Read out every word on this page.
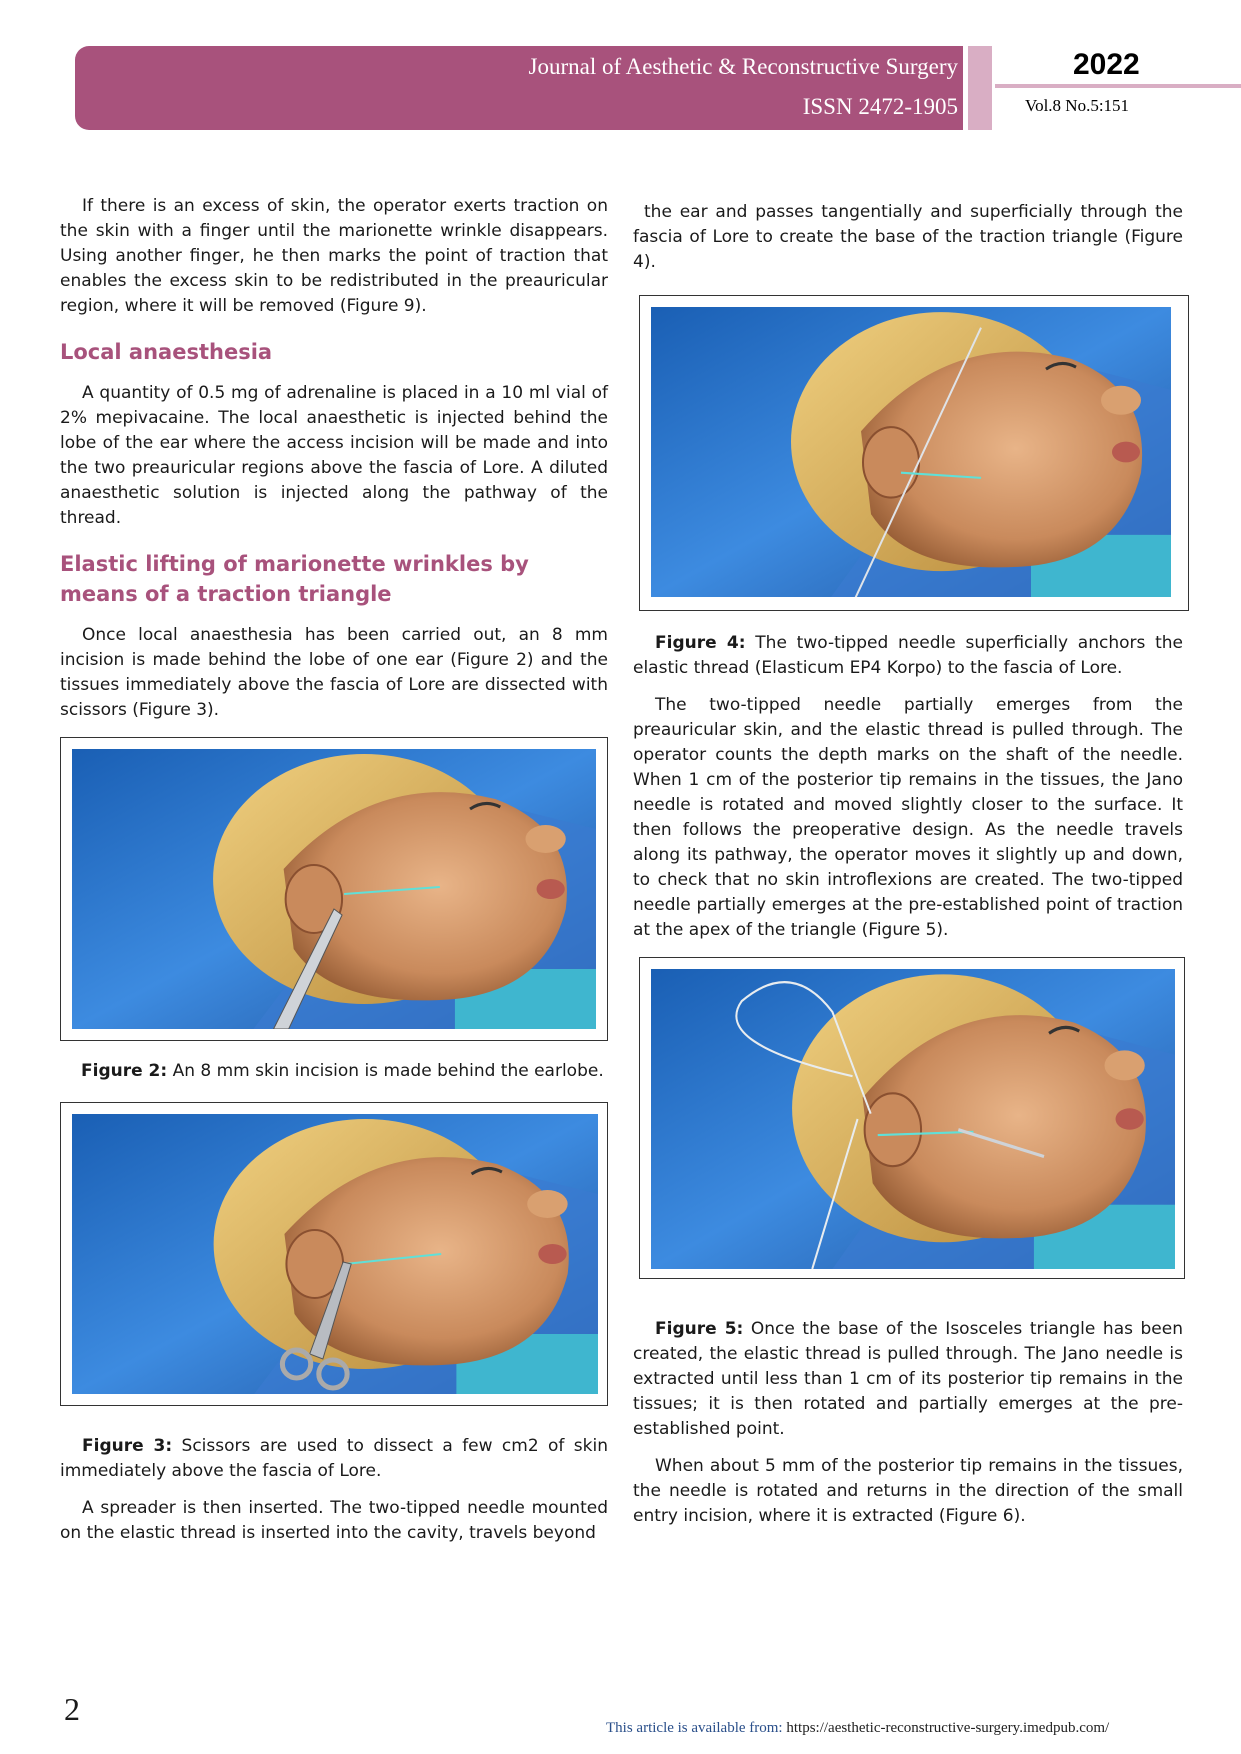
Journal of Aesthetic & Reconstructive Surgery
ISSN 2472-1905
2022
Vol.8 No.5:151

If there is an excess of skin, the operator exerts traction on the skin with a finger until the marionette wrinkle disappears. Using another finger, he then marks the point of traction that enables the excess skin to be redistributed in the preauricular region, where it will be removed (Figure 9).

Local anaesthesia

A quantity of 0.5 mg of adrenaline is placed in a 10 ml vial of 2% mepivacaine. The local anaesthetic is injected behind the lobe of the ear where the access incision will be made and into the two preauricular regions above the fascia of Lore. A diluted anaesthetic solution is injected along the pathway of the thread.

Elastic lifting of marionette wrinkles by means of a traction triangle

Once local anaesthesia has been carried out, an 8 mm incision is made behind the lobe of one ear (Figure 2) and the tissues immediately above the fascia of Lore are dissected with scissors (Figure 3).

Figure 2: An 8 mm skin incision is made behind the earlobe.
Figure 3: Scissors are used to dissect a few cm2 of skin immediately above the fascia of Lore.

A spreader is then inserted. The two-tipped needle mounted on the elastic thread is inserted into the cavity, travels beyond

the ear and passes tangentially and superficially through the fascia of Lore to create the base of the traction triangle (Figure 4).

Figure 4: The two-tipped needle superficially anchors the elastic thread (Elasticum EP4 Korpo) to the fascia of Lore.

The two-tipped needle partially emerges from the preauricular skin, and the elastic thread is pulled through. The operator counts the depth marks on the shaft of the needle. When 1 cm of the posterior tip remains in the tissues, the Jano needle is rotated and moved slightly closer to the surface. It then follows the preoperative design. As the needle travels along its pathway, the operator moves it slightly up and down, to check that no skin introflexions are created. The two-tipped needle partially emerges at the pre-established point of traction at the apex of the triangle (Figure 5).

Figure 5: Once the base of the Isosceles triangle has been created, the elastic thread is pulled through. The Jano needle is extracted until less than 1 cm of its posterior tip remains in the tissues; it is then rotated and partially emerges at the pre-established point.

When about 5 mm of the posterior tip remains in the tissues, the needle is rotated and returns in the direction of the small entry incision, where it is extracted (Figure 6).

2
This article is available from: https://aesthetic-reconstructive-surgery.imedpub.com/
